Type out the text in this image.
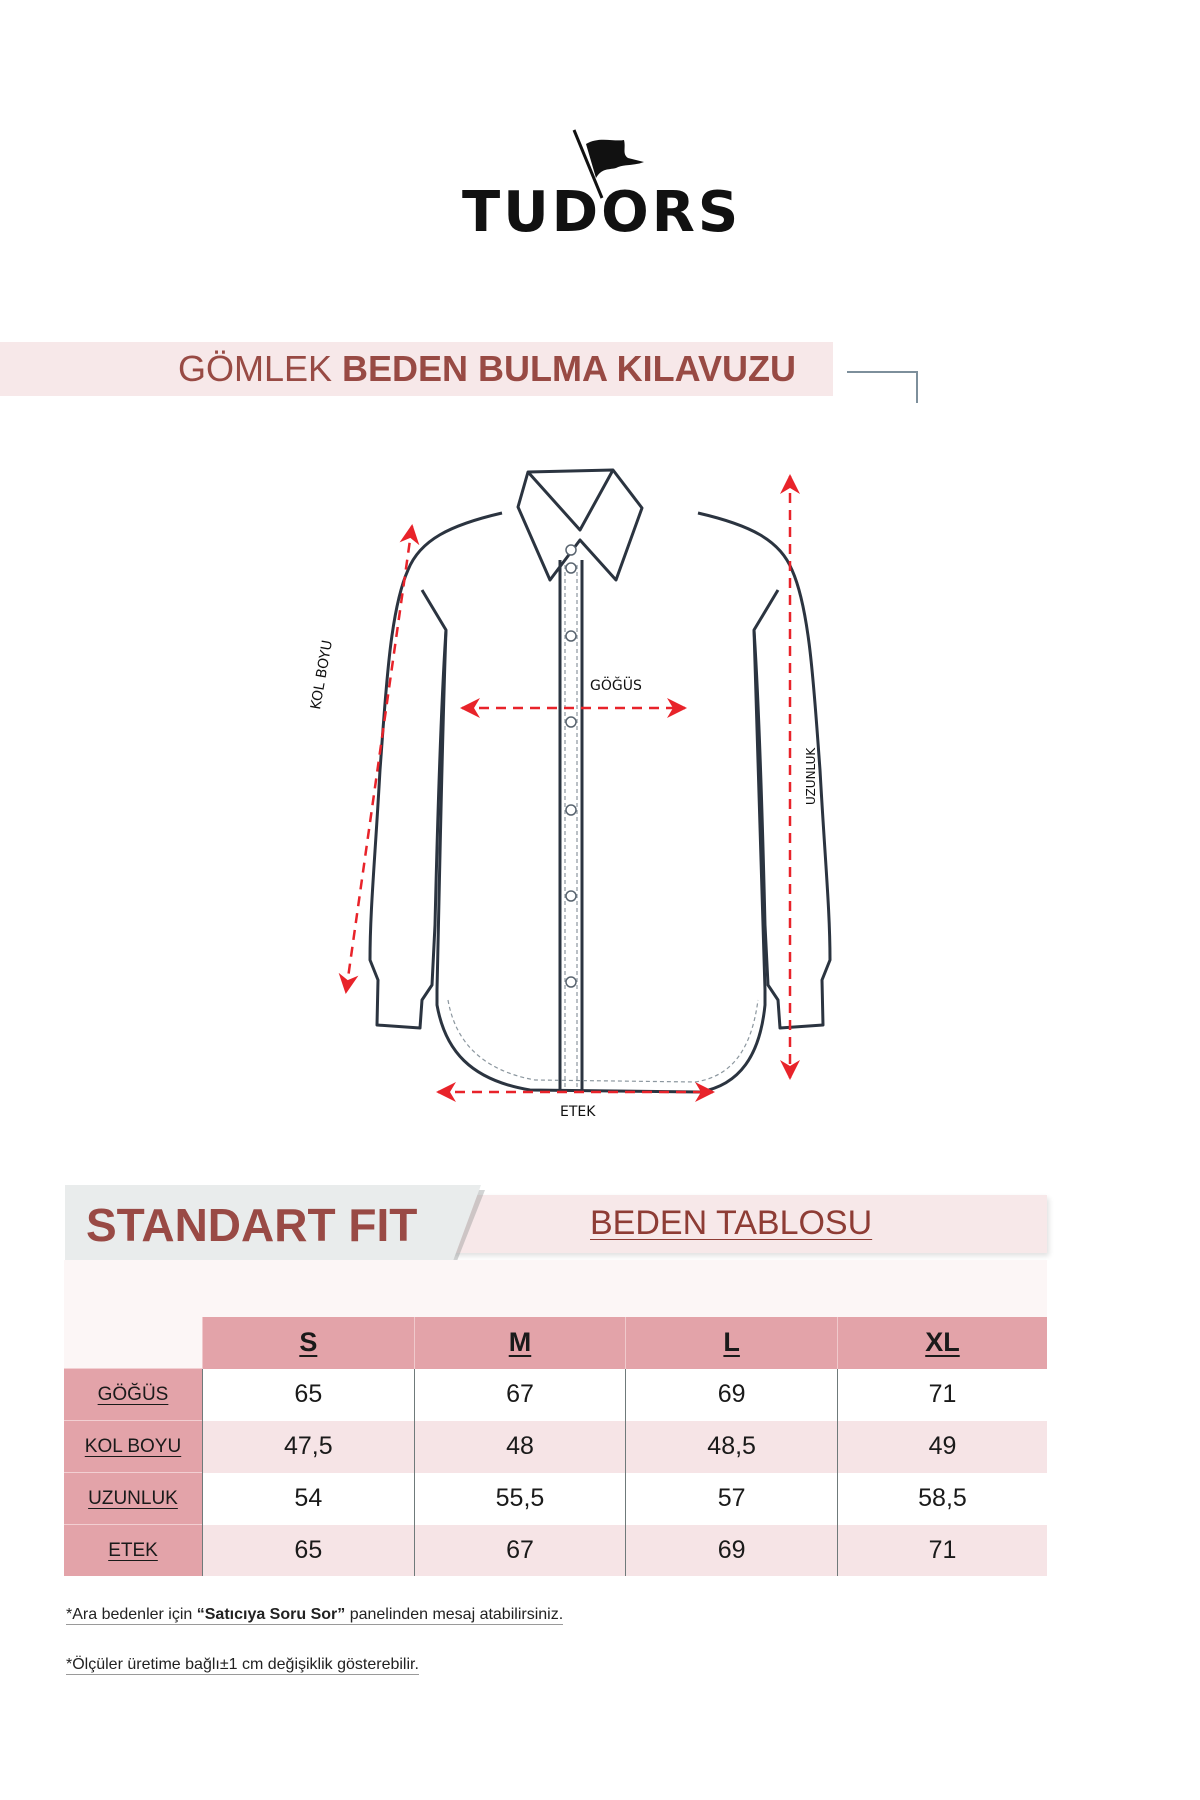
TUDORS
GÖMLEK BEDEN BULMA KILAVUZU
GÖĞÜS
KOL BOYU
UZUNLUK
ETEK
STANDART FIT	BEDEN TABLOSU
	S	M	L	XL
GÖĞÜS	65	67	69	71
KOL BOYU	47,5	48	48,5	49
UZUNLUK	54	55,5	57	58,5
ETEK	65	67	69	71
*Ara bedenler için “Satıcıya Soru Sor” panelinden mesaj atabilirsiniz.
*Ölçüler üretime bağlı±1 cm değişiklik gösterebilir.
